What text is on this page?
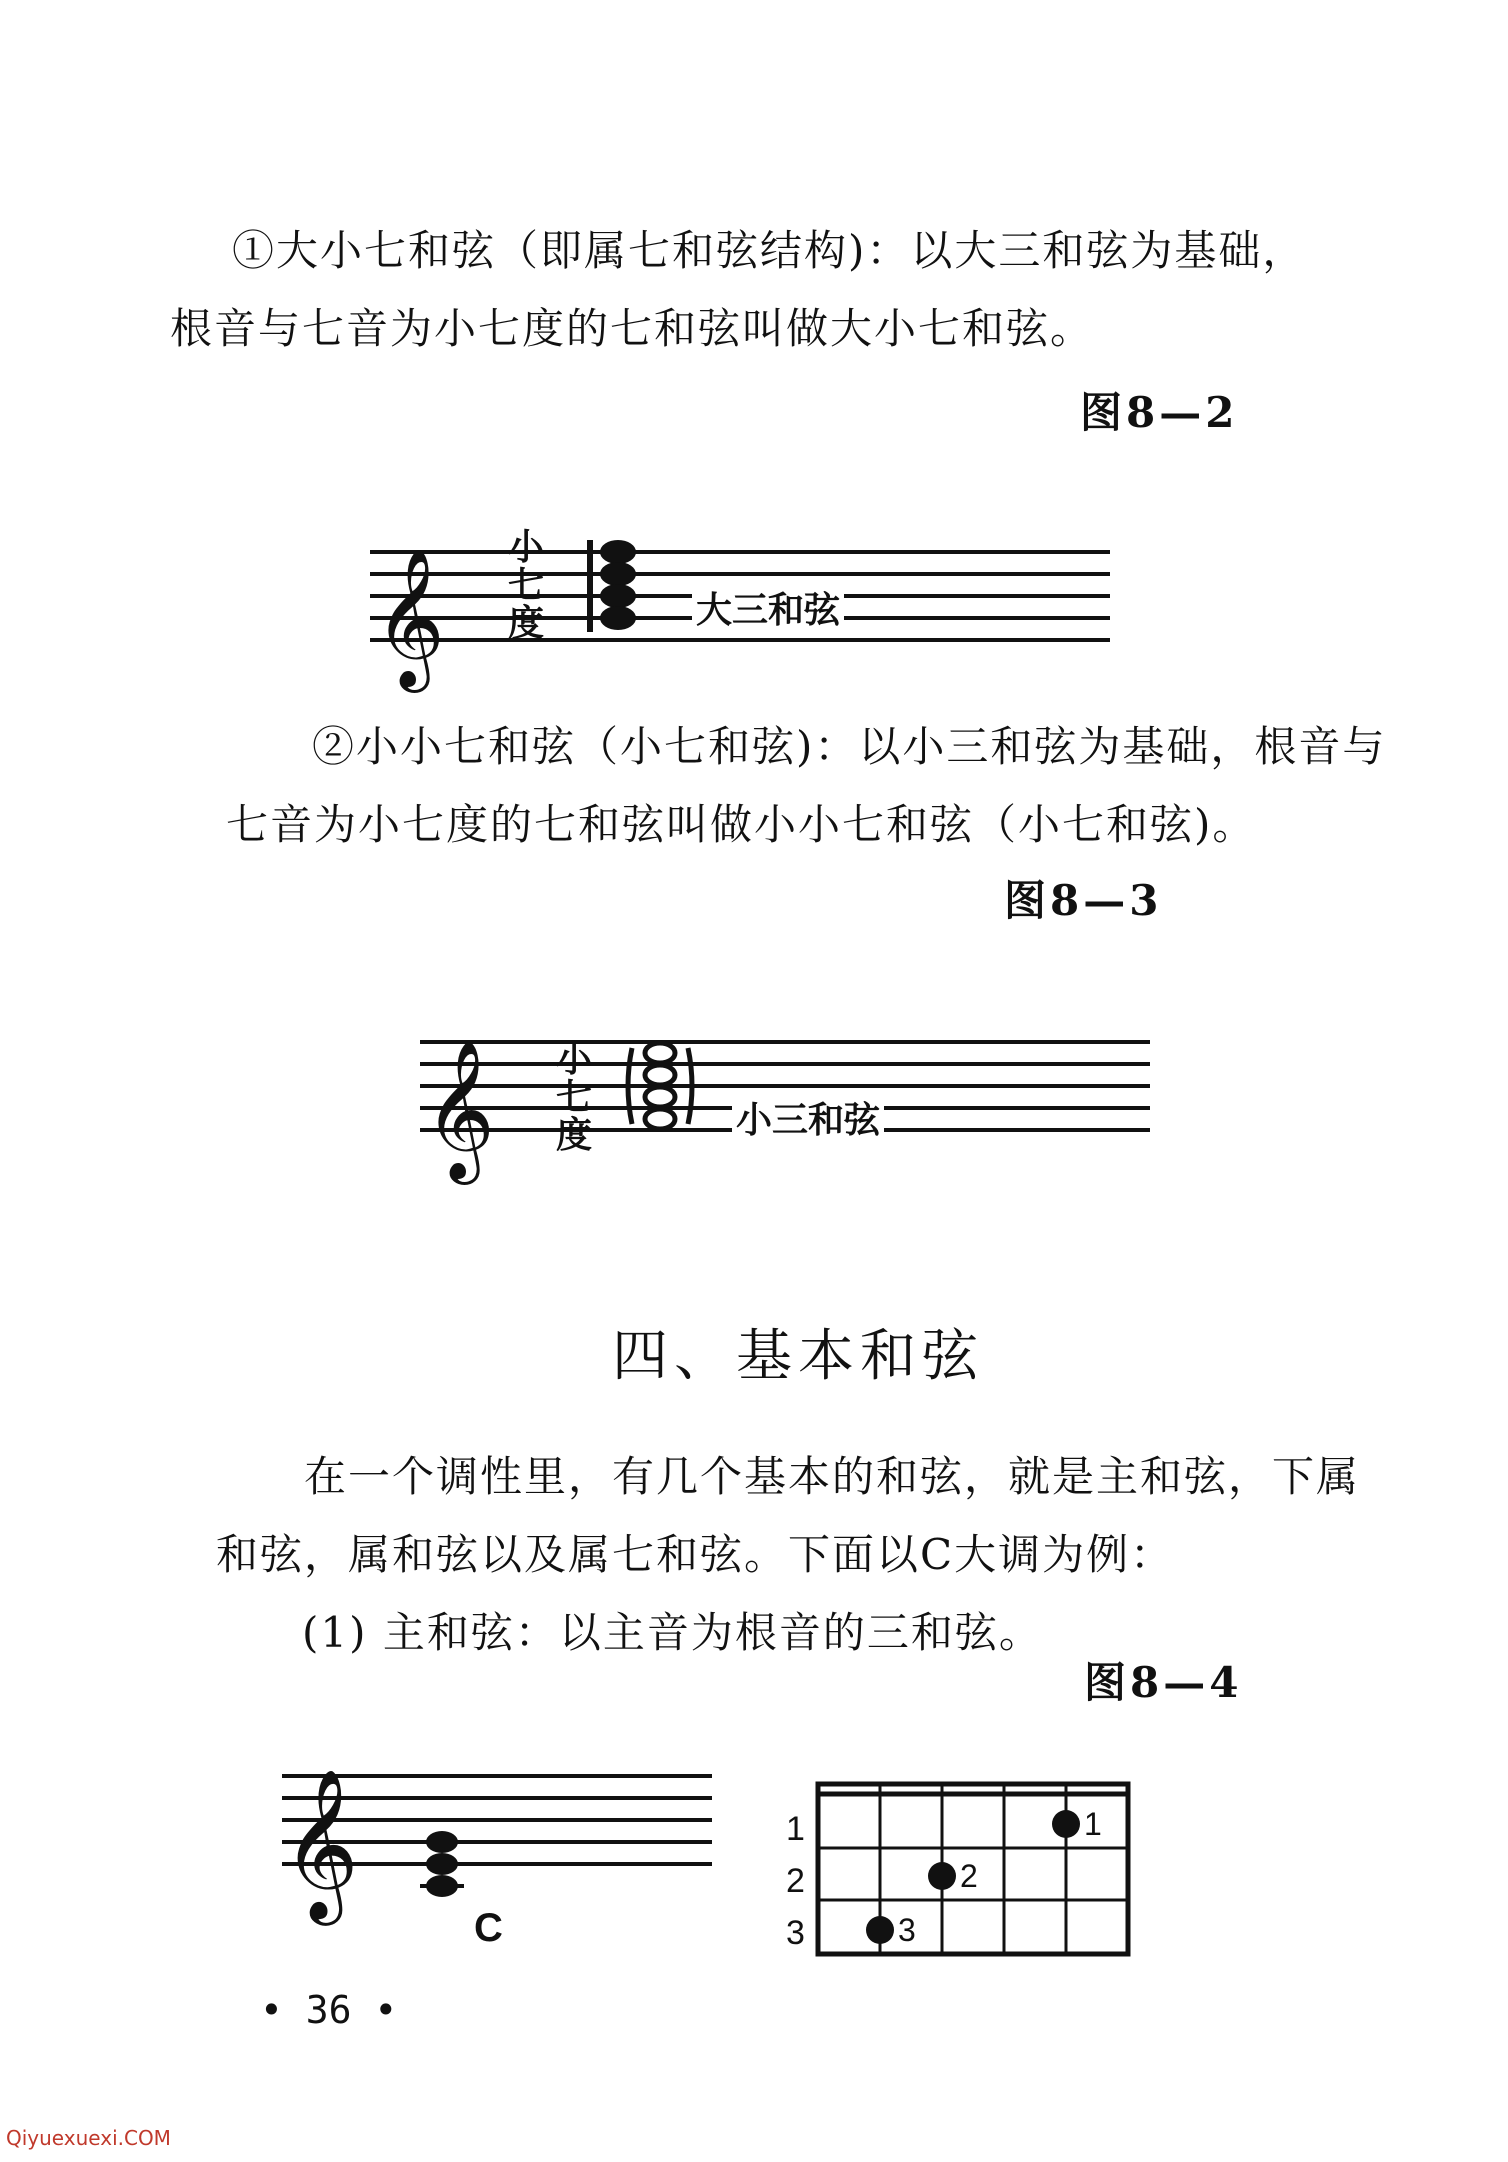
①大小七和弦（即属七和弦结构)：以大三和弦为基础，
根音与七音为小七度的七和弦叫做大小七和弦。
图8—2
𝄞
小
七
度	大三和弦
②小小七和弦（小七和弦)：以小三和弦为基础，根音与
七音为小七度的七和弦叫做小小七和弦（小七和弦)。
图8—3
𝄞 小
七
度	小三和弦
四、基本和弦
在一个调性里，有几个基本的和弦，就是主和弦，下属
和弦，属和弦以及属七和弦。下面以C大调为例：
(1) 主和弦：以主音为根音的三和弦。
图8—4
𝄞
C
1
2
3
1
2
3
• 36 •
Qiyuexuexi.COM
